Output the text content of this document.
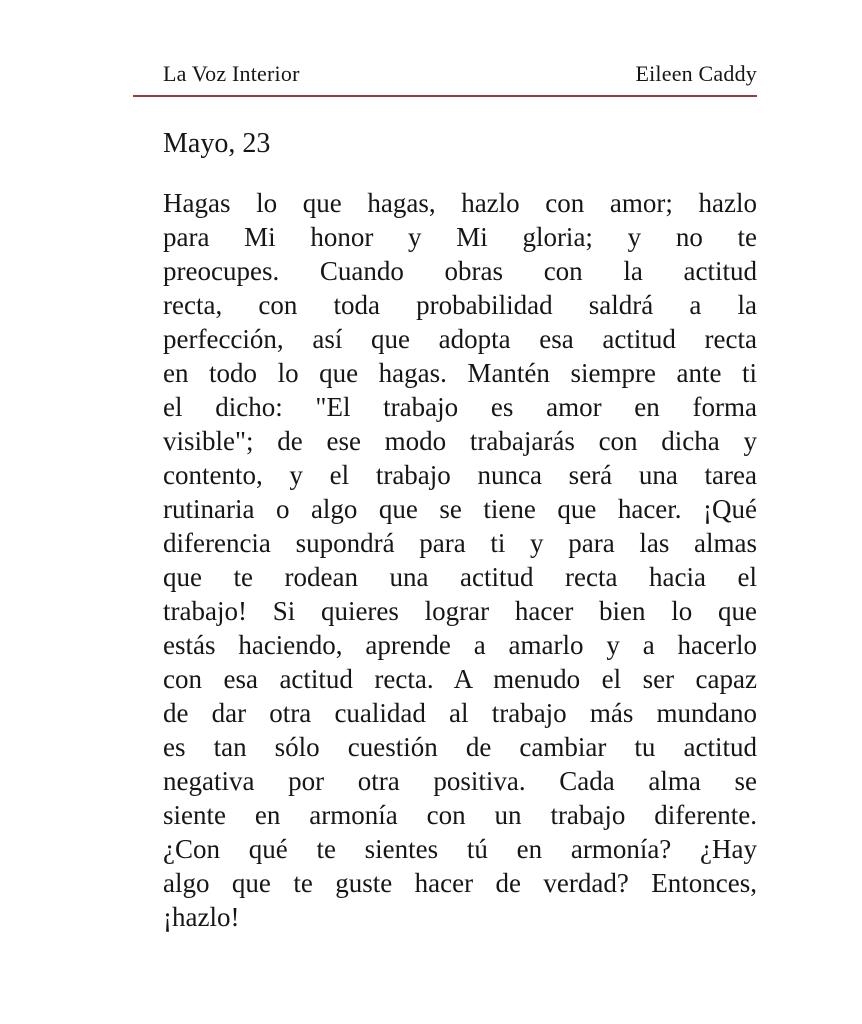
La Voz Interior	Eileen Caddy
Mayo, 23
Hagas lo que hagas, hazlo con amor; hazlo
para Mi honor y Mi gloria; y no te
preocupes. Cuando obras con la actitud
recta, con toda probabilidad saldrá a la
perfección, así que adopta esa actitud recta
en todo lo que hagas. Mantén siempre ante ti
el dicho: "El trabajo es amor en forma
visible"; de ese modo trabajarás con dicha y
contento, y el trabajo nunca será una tarea
rutinaria o algo que se tiene que hacer. ¡Qué
diferencia supondrá para ti y para las almas
que te rodean una actitud recta hacia el
trabajo! Si quieres lograr hacer bien lo que
estás haciendo, aprende a amarlo y a hacerlo
con esa actitud recta. A menudo el ser capaz
de dar otra cualidad al trabajo más mundano
es tan sólo cuestión de cambiar tu actitud
negativa por otra positiva. Cada alma se
siente en armonía con un trabajo diferente.
¿Con qué te sientes tú en armonía? ¿Hay
algo que te guste hacer de verdad? Entonces,
¡hazlo!
